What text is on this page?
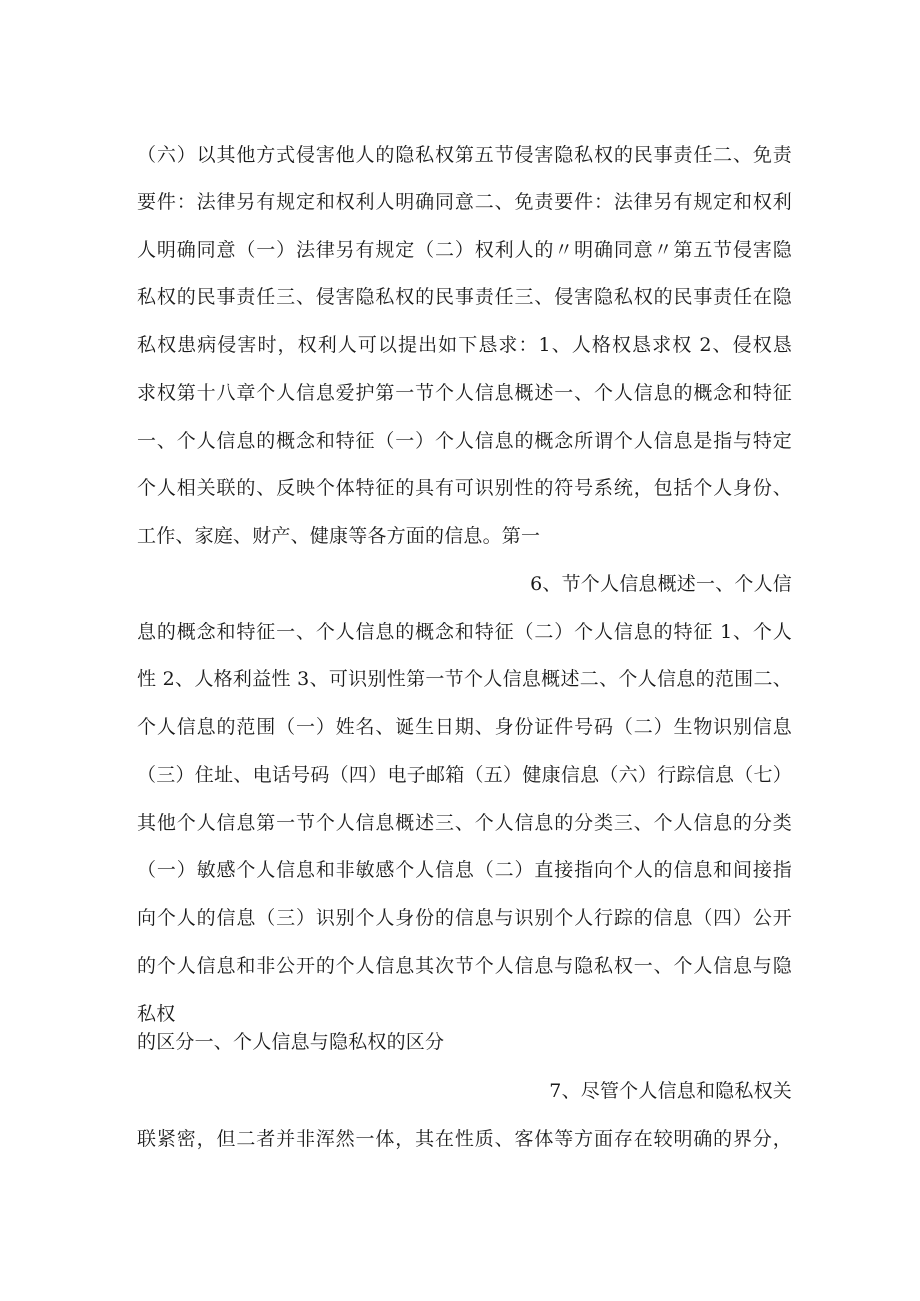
（六）以其他方式侵害他人的隐私权第五节侵害隐私权的民事责任二、免责
要件：法律另有规定和权利人明确同意二、免责要件：法律另有规定和权利
人明确同意（一）法律另有规定（二）权利人的〃明确同意〃第五节侵害隐
私权的民事责任三、侵害隐私权的民事责任三、侵害隐私权的民事责任在隐
私权患病侵害时，权利人可以提出如下恳求：1、人格权恳求权 2、侵权恳
求权第十八章个人信息爱护第一节个人信息概述一、个人信息的概念和特征
一、个人信息的概念和特征（一）个人信息的概念所谓个人信息是指与特定
个人相关联的、反映个体特征的具有可识别性的符号系统，包括个人身份、
工作、家庭、财产、健康等各方面的信息。第一
6、节个人信息概述一、个人信
息的概念和特征一、个人信息的概念和特征（二）个人信息的特征 1、个人
性 2、人格利益性 3、可识别性第一节个人信息概述二、个人信息的范围二、
个人信息的范围（一）姓名、诞生日期、身份证件号码（二）生物识别信息
（三）住址、电话号码（四）电子邮箱（五）健康信息（六）行踪信息（七）
其他个人信息第一节个人信息概述三、个人信息的分类三、个人信息的分类
（一）敏感个人信息和非敏感个人信息（二）直接指向个人的信息和间接指
向个人的信息（三）识别个人身份的信息与识别个人行踪的信息（四）公开
的个人信息和非公开的个人信息其次节个人信息与隐私权一、个人信息与隐
私权
的区分一、个人信息与隐私权的区分
7、尽管个人信息和隐私权关
联紧密，但二者并非浑然一体，其在性质、客体等方面存在较明确的界分，
